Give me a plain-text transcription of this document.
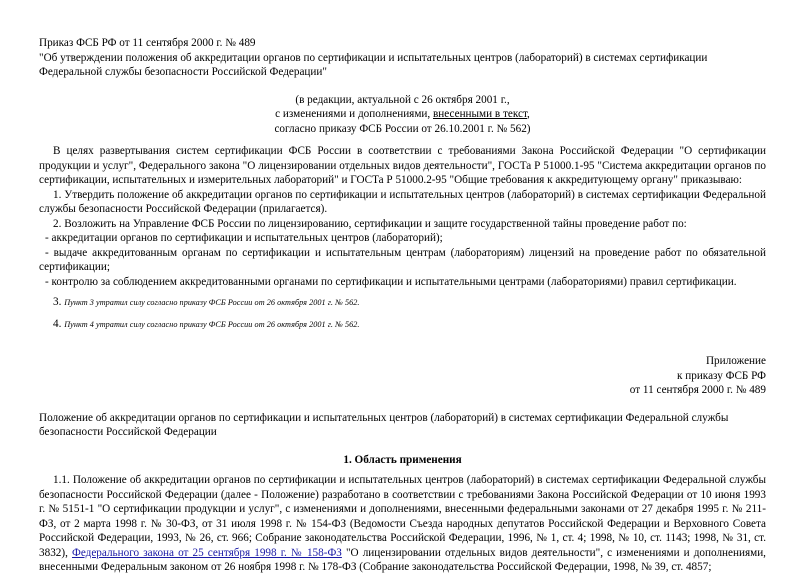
Приказ ФСБ РФ от 11 сентября 2000 г. № 489

"Об утверждении положения об аккредитации органов по сертификации и испытательных центров (лабораторий) в системах сертификации

Федеральной службы безопасности Российской Федерации"

(в редакции, актуальной с 26 октября 2001 г.,

с изменениями и дополнениями, внесенными в текст,

согласно приказу ФСБ России от 26.10.2001 г. № 562)

В целях развертывания систем сертификации ФСБ России в соответствии с требованиями Закона Российской Федерации "О сертификации продукции и услуг", Федерального закона "О лицензировании отдельных видов деятельности", ГОСТа Р 51000.1-95 "Система аккредитации органов по сертификации, испытательных и измерительных лабораторий" и ГОСТа Р 51000.2-95 "Общие требования к аккредитующему органу" приказываю:

1. Утвердить положение об аккредитации органов по сертификации и испытательных центров (лабораторий) в системах сертификации Федеральной службы безопасности Российской Федерации (прилагается).

2. Возложить на Управление ФСБ России по лицензированию, сертификации и защите государственной тайны проведение работ по:

- аккредитации органов по сертификации и испытательных центров (лабораторий);

- выдаче аккредитованным органам по сертификации и испытательным центрам (лабораториям) лицензий на проведение работ по обязательной сертификации;

- контролю за соблюдением аккредитованными органами по сертификации и испытательными центрами (лабораториями) правил сертификации.

3. Пункт 3 утратил силу согласно приказу ФСБ России от 26 октября 2001 г. № 562.

4. Пункт 4 утратил силу согласно приказу ФСБ России от 26 октября 2001 г. № 562.

Приложение

к приказу ФСБ РФ

от 11 сентября 2000 г. № 489

Положение об аккредитации органов по сертификации и испытательных центров (лабораторий) в системах сертификации Федеральной службы безопасности Российской Федерации

1. Область применения

1.1. Положение об аккредитации органов по сертификации и испытательных центров (лабораторий) в системах сертификации Федеральной службы безопасности Российской Федерации (далее - Положение) разработано в соответствии с требованиями Закона Российской Федерации от 10 июня 1993 г. № 5151-1 "О сертификации продукции и услуг", с изменениями и дополнениями, внесенными федеральными законами от 27 декабря 1995 г. № 211-ФЗ, от 2 марта 1998 г. № 30-ФЗ, от 31 июля 1998 г. № 154-ФЗ (Ведомости Съезда народных депутатов Российской Федерации и Верховного Совета Российской Федерации, 1993, № 26, ст. 966; Собрание законодательства Российской Федерации, 1996, № 1, ст. 4; 1998, № 10, ст. 1143; 1998, № 31, ст. 3832), Федерального закона от 25 сентября 1998 г. № 158-ФЗ "О лицензировании отдельных видов деятельности", с изменениями и дополнениями, внесенными Федеральным законом от 26 ноября 1998 г. № 178-ФЗ (Собрание законодательства Российской Федерации, 1998, № 39, ст. 4857;
